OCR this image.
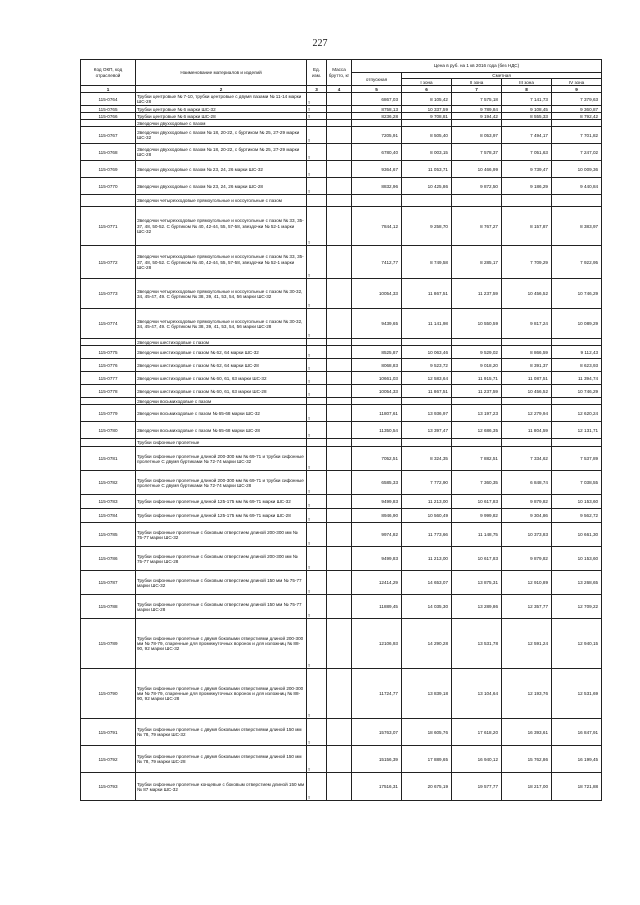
227
Код ОКП, код отраслевой	Наименование материалов и изделий	Ед. изм.	Масса брутто, кг	Цена в руб. на 1 кв 2016 года (без НДС)				
				отпускная	Сметная			
					I зона	II зона	III зона	IV зона
1	2	3	4	5	6	7	8	9
115-0764	Трубки центровые № 7-10, трубки центровые с двумя пазами № 11-14 марки ШС-28	т		6867,03	8 105,42	7 575,18	7 141,73	7 379,63
115-0765	Трубки центровые № 6 марки ШС-32	т		8758,13	10 337,59	9 789,84	9 108,45	9 360,87
115-0766	Трубки центровые № 6 марки ШС-28	т		8236,28	9 708,81	9 194,42	8 555,33	8 792,42
	Звездочки двухходовые с пазом							
115-0767	Звездочки двухходовые с пазом № 18, 20-22, с буртиком № 25, 27-29 марки ШС-32	т		7205,91	8 505,40	8 053,97	7 494,17	7 701,82
115-0768	Звездочки двухходовые с пазом № 18, 20-22, с буртиком № 25, 27-29 марки ШС-28	т		6780,40	8 003,15	7 578,37	7 051,63	7 247,02
115-0769	Звездочки двухходовые с пазом № 23, 24, 26 марки ШС-32	т		9364,67	11 053,71	10 466,99	9 739,47	10 009,36
115-0770	Звездочки двухходовые с пазом № 23, 24, 26 марки ШС-28	т		8832,96	10 425,86	9 872,50	9 186,29	9 440,84
	Звездочки четырехходовые прямоугольные и косоугольные с пазом							
115-0771	Звездочки четырехходовые прямоугольные и косоугольные с пазом № 33, 35-37, 48, 50-52. С буртиком № 40, 42-44, 55, 57-58, звездочки № 52-1 марки ШС-32	т		7844,12	9 258,70	8 767,27	8 157,87	8 383,97
115-0772	Звездочки четырехходовые прямоугольные и косоугольные с пазом № 33, 35-37, 48, 50-52. С буртиком № 40, 42-44, 55, 57-58, звездочки № 52-1 марки ШС-28	т		7412,77	8 749,58	8 285,17	7 709,29	7 922,95
115-0773	Звездочки четырехходовые прямоугольные и косоугольные с пазом № 30-32, 34, 45-47, 49. С буртиком № 38, 39, 41, 53, 54, 56 марки ШС-32	т		10054,33	11 867,51	11 237,59	10 456,52	10 746,29
115-0774	Звездочки четырехходовые прямоугольные и косоугольные с пазом № 30-32, 34, 45-47, 49. С буртиком № 38, 39, 41, 53, 54, 56 марки ШС-28	т		9439,65	11 141,98	10 550,59	9 817,24	10 089,29
	Звездочки шестиходовые с пазом							
115-0775	Звездочки шестиходовые с пазом № 62, 64 марки ШС-32	т		8525,87	10 063,46	9 529,02	8 866,59	9 112,43
115-0776	Звездочки шестиходовые с пазом № 62, 64 марки ШС-28	т		8068,83	9 523,72	9 018,20	8 391,37	8 623,93
115-0777	Звездочки шестиходовые с пазом № 60, 61, 63 марки ШС-32	т		10661,03	12 583,64	11 915,71	11 087,51	11 394,74
115-0778	Звездочки шестиходовые с пазом № 60, 61, 63 марки ШС-28	т		10054,33	11 867,51	11 237,59	10 456,52	10 746,29
	Звездочки восьмиходовые с пазом							
115-0779	Звездочки восьмиходовые с пазом № 65-68 марки ШС-32	т		11807,61	13 936,97	13 197,23	12 279,94	12 620,24
115-0780	Звездочки восьмиходовые с пазом № 65-68 марки ШС-28	т		11350,54	13 397,47	12 686,35	11 804,59	12 131,71
	Трубки сифонные пролетные							
115-0781	Трубки сифонные пролетные длиной 200-300 мм № 69-71 и трубки сифонные пролетные С двумя буртиками № 72-74 марки ШС-32	т		7052,51	8 324,35	7 882,51	7 334,62	7 537,89
115-0782	Трубки сифонные пролетные длиной 200-300 мм № 69-71 и трубки сифонные пролетные С двумя буртиками № 72-74 марки ШС-28	т		6585,33	7 772,90	7 360,35	6 848,74	7 038,55
115-0783	Трубки сифонные пролетные длиной 125-175 мм № 69-71 марки ШС-32	т		9499,83	11 213,00	10 617,83	9 879,82	10 153,60
115-0784	Трубки сифонные пролетные длиной 125-175 мм № 69-71 марки ШС-28	т		8946,90	10 560,49	9 999,82	9 304,86	9 562,72
115-0785	Трубки сифонные пролетные с боковым отверстием длиной 200-300 мм № 75-77 марки ШС-32	т		9974,82	11 773,66	11 148,75	10 373,83	10 661,30
115-0786	Трубки сифонные пролетные с боковым отверстием длиной 200-300 мм № 75-77 марки ШС-28	т		9499,83	11 213,00	10 617,83	9 879,82	10 153,60
115-0787	Трубки сифонные пролетные с боковым отверстием длиной 150 мм № 75-77 марки ШС-32	т		12414,29	14 653,07	13 875,31	12 910,89	13 268,65
115-0788	Трубки сифонные пролетные с боковым отверстием длиной 150 мм № 75-77 марки ШС-28	т		11889,45	14 035,30	13 289,86	12 357,77	12 709,22
115-0789	Трубки сифонные пролетные с двумя боковыми отверстиями длиной 200-300 мм № 78-79, спаренные для промежуточных воронок и для изложниц № 88-90, 92 марки ШС-32	т		12106,93	14 290,28	13 531,78	12 591,24	12 940,15
115-0790	Трубки сифонные пролетные с двумя боковыми отверстиями длиной 200-300 мм № 78-79, спаренные для промежуточных воронок и для изложниц № 88-90, 92 марки ШС-28	т		11724,77	13 839,18	13 104,64	12 193,76	12 531,69
115-0791	Трубки сифонные пролетные с двумя боковыми отверстиями длиной 150 мм № 78, 79 марки ШС-32	т		15763,07	18 605,76	17 618,20	16 393,61	16 847,91
115-0792	Трубки сифонные пролетные с двумя боковыми отверстиями длиной 150 мм № 78, 79 марки ШС-28	т		15156,39	17 889,65	16 940,12	15 762,86	16 199,45
115-0793	Трубки сифонные пролетные концевые с боковым отверстием длиной 150 мм № 87 марки ШС-32	т		17516,31	20 675,19	19 577,77	18 217,00	18 721,88
